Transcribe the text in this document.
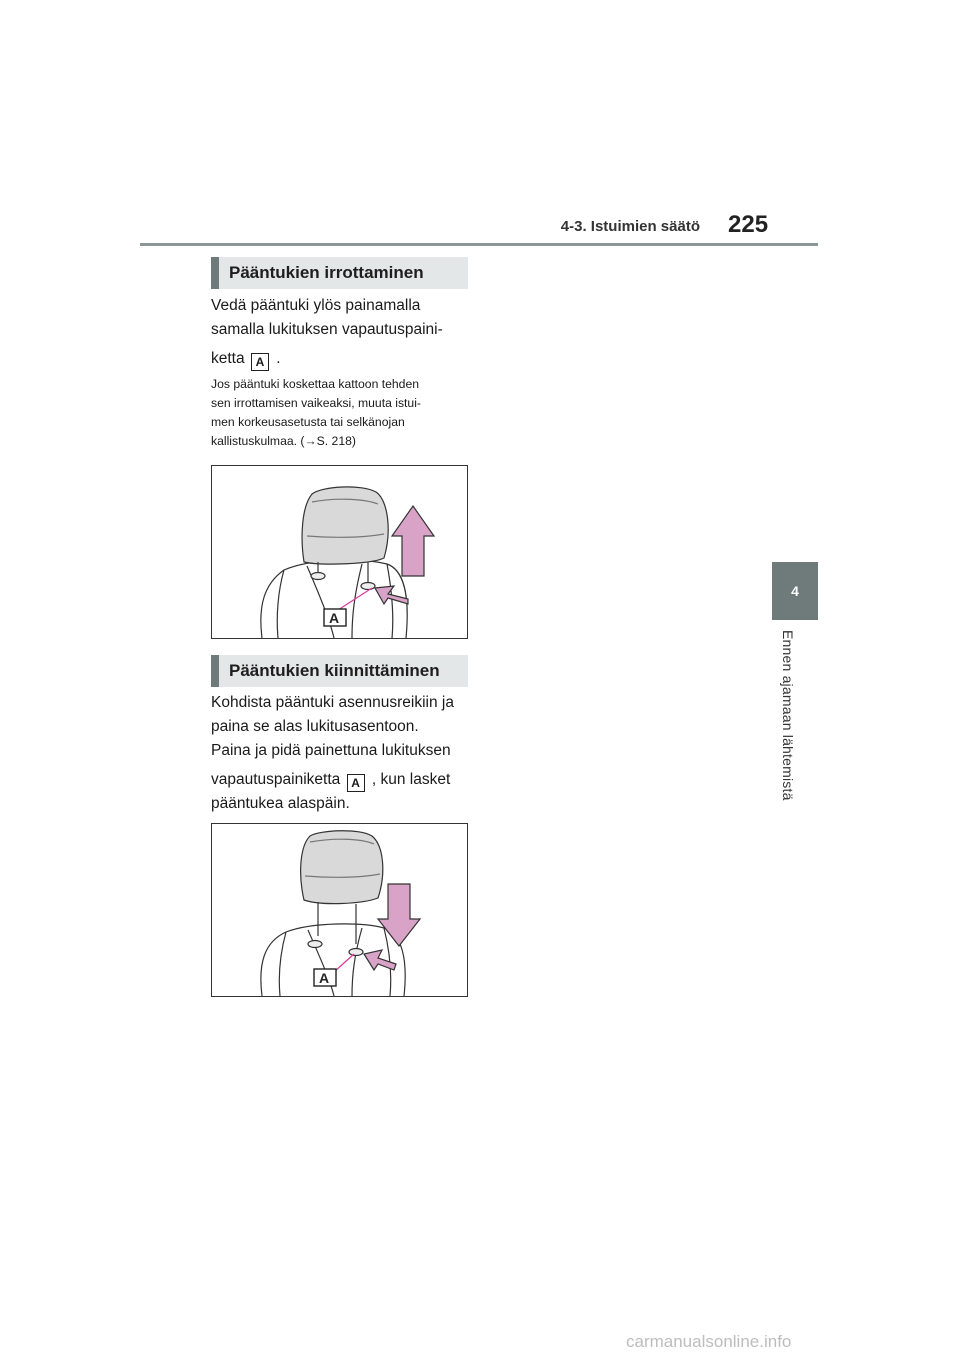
4-3. Istuimien säätö 225
4
Ennen ajamaan lähtemistä
Pääntukien irrottaminen

Vedä pääntuki ylös painamalla

samalla lukituksen vapautuspaini-

ketta A .

Jos pääntuki koskettaa kattoon tehden
sen irrottamisen vaikeaksi, muuta istui-
men korkeusasetusta tai selkänojan
kallistuskulmaa. (→S. 218)
A
Pääntukien kiinnittäminen

Kohdista pääntuki asennusreikiin ja

paina se alas lukitusasentoon.

Paina ja pidä painettuna lukituksen

vapautuspainiketta A , kun lasket

pääntukea alaspäin.

A
carmanualsonline.info
